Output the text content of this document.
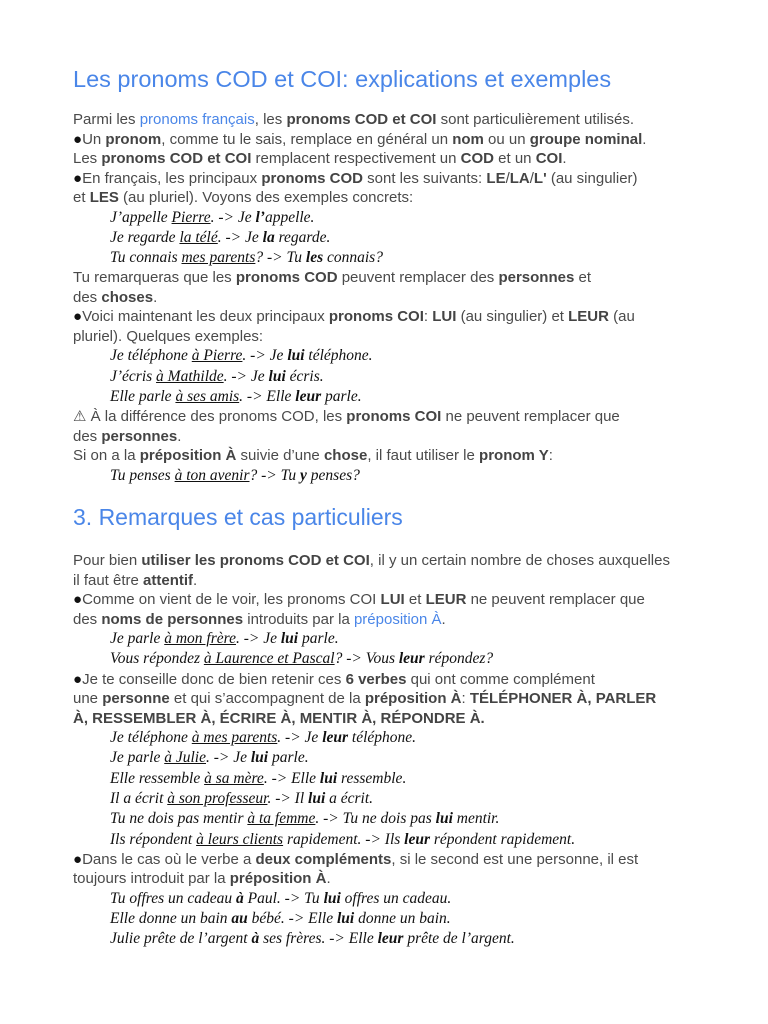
Les pronoms COD et COI: explications et exemples

Parmi les pronoms français, les pronoms COD et COI sont particulièrement utilisés.

●Un pronom, comme tu le sais, remplace en général un nom ou un groupe nominal.

Les pronoms COD et COI remplacent respectivement un COD et un COI.

●En français, les principaux pronoms COD sont les suivants: LE/LA/L' (au singulier)

et LES (au pluriel). Voyons des exemples concrets:

J’appelle Pierre. -> Je l’appelle.

Je regarde la télé. -> Je la regarde.

Tu connais mes parents? -> Tu les connais?

Tu remarqueras que les pronoms COD peuvent remplacer des personnes et

des choses.

●Voici maintenant les deux principaux pronoms COI: LUI (au singulier) et LEUR (au

pluriel). Quelques exemples:

Je téléphone à Pierre. -> Je lui téléphone.

J’écris à Mathilde. -> Je lui écris.

Elle parle à ses amis. -> Elle leur parle.

⚠ À la différence des pronoms COD, les pronoms COI ne peuvent remplacer que

des personnes.

Si on a la préposition À suivie d’une chose, il faut utiliser le pronom Y:

Tu penses à ton avenir? -> Tu y penses?

3. Remarques et cas particuliers

Pour bien utiliser les pronoms COD et COI, il y un certain nombre de choses auxquelles

il faut être attentif.

●Comme on vient de le voir, les pronoms COI LUI et LEUR ne peuvent remplacer que

des noms de personnes introduits par la préposition À.

Je parle à mon frère. -> Je lui parle.

Vous répondez à Laurence et Pascal? -> Vous leur répondez?

●Je te conseille donc de bien retenir ces 6 verbes qui ont comme complément

une personne et qui s’accompagnent de la préposition À: TÉLÉPHONER À, PARLER

À, RESSEMBLER À, ÉCRIRE À, MENTIR À, RÉPONDRE À.

Je téléphone à mes parents. -> Je leur téléphone.

Je parle à Julie. -> Je lui parle.

Elle ressemble à sa mère. -> Elle lui ressemble.

Il a écrit à son professeur. -> Il lui a écrit.

Tu ne dois pas mentir à ta femme. -> Tu ne dois pas lui mentir.

Ils répondent à leurs clients rapidement. -> Ils leur répondent rapidement.

●Dans le cas où le verbe a deux compléments, si le second est une personne, il est

toujours introduit par la préposition À.

Tu offres un cadeau à Paul. -> Tu lui offres un cadeau.

Elle donne un bain au bébé. -> Elle lui donne un bain.

Julie prête de l’argent à ses frères. -> Elle leur prête de l’argent.
